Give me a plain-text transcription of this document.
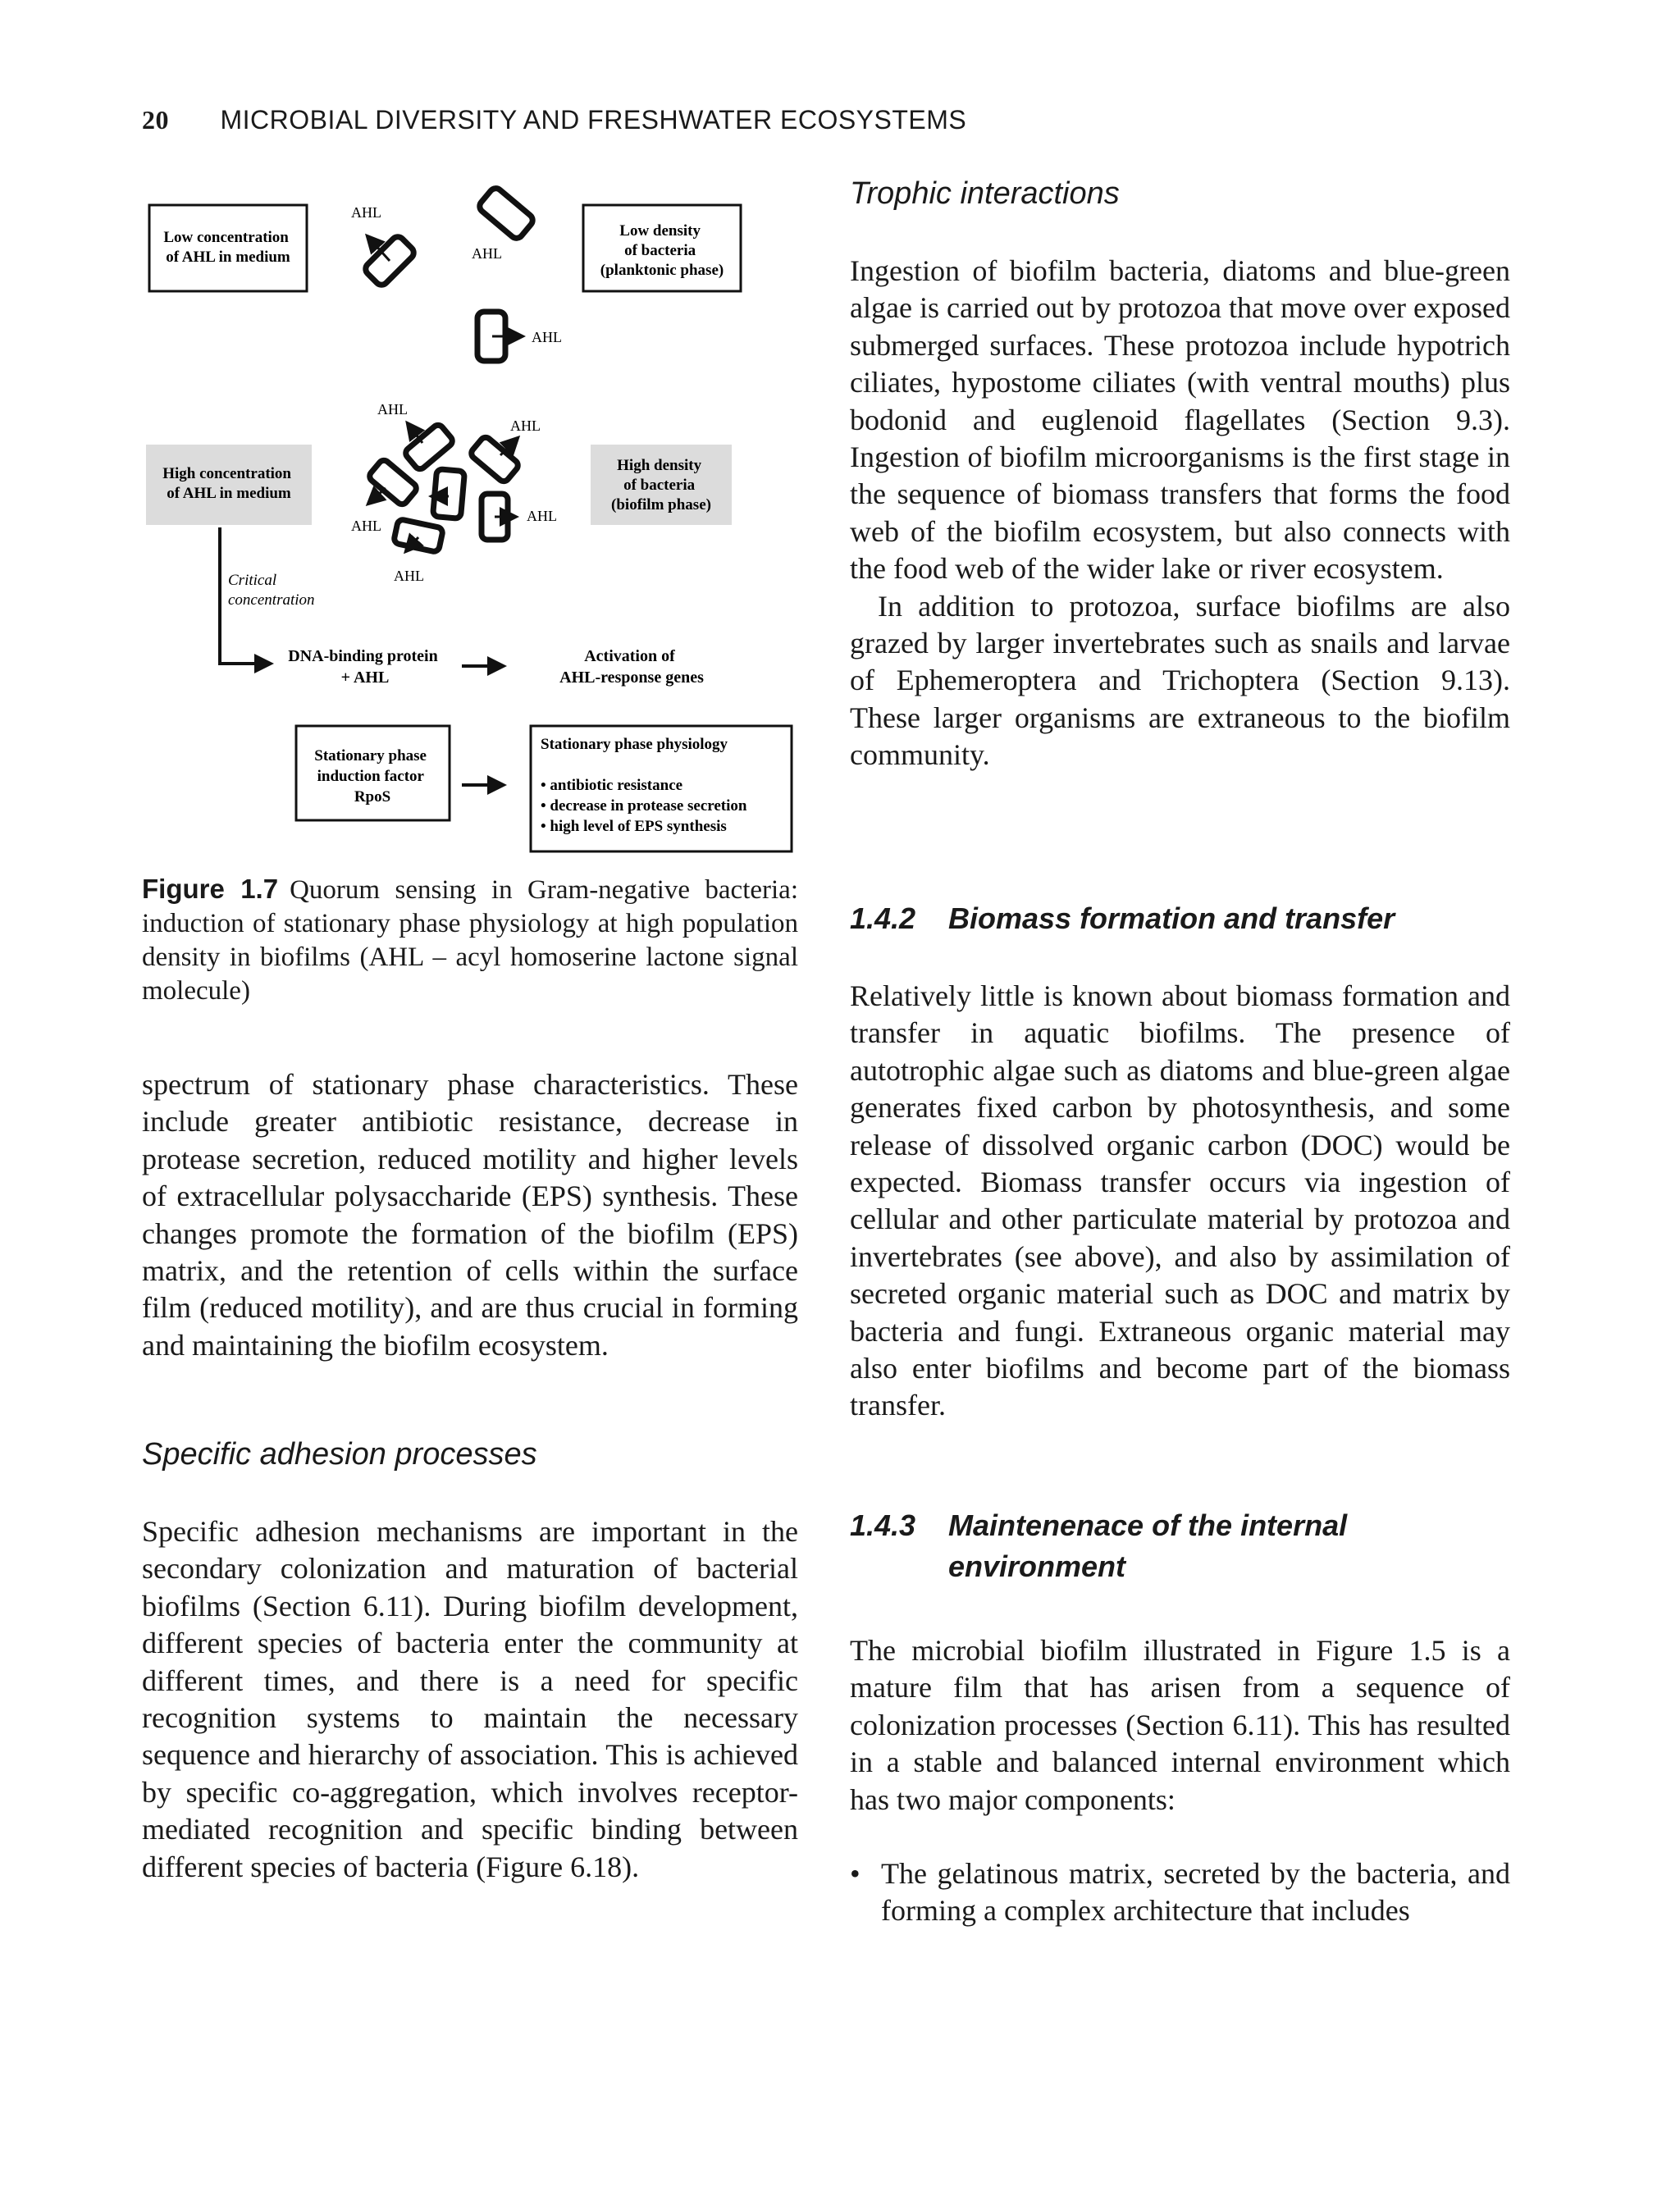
20 MICROBIAL DIVERSITY AND FRESHWATER ECOSYSTEMS
Low concentration of AHL in medium
Low density of bacteria (planktonic phase)
AHL
AHL
AHL
High concentration of AHL in medium
High density of bacteria (biofilm phase)
AHL
AHL
AHL
AHL
AHL
Critical concentration
DNA-binding protein + AHL
Activation of AHL-response genes
Stationary phase induction factor RpoS
Stationary phase physiology
• antibiotic resistance
• decrease in protease secretion
• high level of EPS synthesis
Figure 1.7 Quorum sensing in Gram-negative bacteria: induction of stationary phase physiology at high population density in biofilms (AHL – acyl homoserine lactone signal molecule)

spectrum of stationary phase characteristics. These include greater antibiotic resistance, decrease in protease secretion, reduced motility and higher levels of extracellular polysaccharide (EPS) synthesis. These changes promote the formation of the biofilm (EPS) matrix, and the retention of cells within the surface film (reduced motility), and are thus crucial in forming and maintaining the biofilm ecosystem.

Specific adhesion processes

Specific adhesion mechanisms are important in the secondary colonization and maturation of bacterial biofilms (Section 6.11). During biofilm development, different species of bacteria enter the community at different times, and there is a need for specific recognition systems to maintain the necessary sequence and hierarchy of association. This is achieved by specific co-aggregation, which involves receptor-mediated recognition and specific binding between different species of bacteria (Figure 6.18).

Trophic interactions

Ingestion of biofilm bacteria, diatoms and blue-green algae is carried out by protozoa that move over exposed submerged surfaces. These protozoa include hypotrich ciliates, hypostome ciliates (with ventral mouths) plus bodonid and euglenoid flagellates (Section 9.3). Ingestion of biofilm microorganisms is the first stage in the sequence of biomass transfers that forms the food web of the biofilm ecosystem, but also connects with the food web of the wider lake or river ecosystem.

In addition to protozoa, surface biofilms are also grazed by larger invertebrates such as snails and larvae of Ephemeroptera and Trichoptera (Section 9.13). These larger organisms are extraneous to the biofilm community.

1.4.2	Biomass formation and transfer

Relatively little is known about biomass formation and transfer in aquatic biofilms. The presence of autotrophic algae such as diatoms and blue-green algae generates fixed carbon by photosynthesis, and some release of dissolved organic carbon (DOC) would be expected. Biomass transfer occurs via ingestion of cellular and other particulate material by protozoa and invertebrates (see above), and also by assimilation of secreted organic material such as DOC and matrix by bacteria and fungi. Extraneous organic material may also enter biofilms and become part of the biomass transfer.

1.4.3	Maintenenace of the internal environment

The microbial biofilm illustrated in Figure 1.5 is a mature film that has arisen from a sequence of colonization processes (Section 6.11). This has resulted in a stable and balanced internal environment which has two major components:

• The gelatinous matrix, secreted by the bacteria, and forming a complex architecture that includes
